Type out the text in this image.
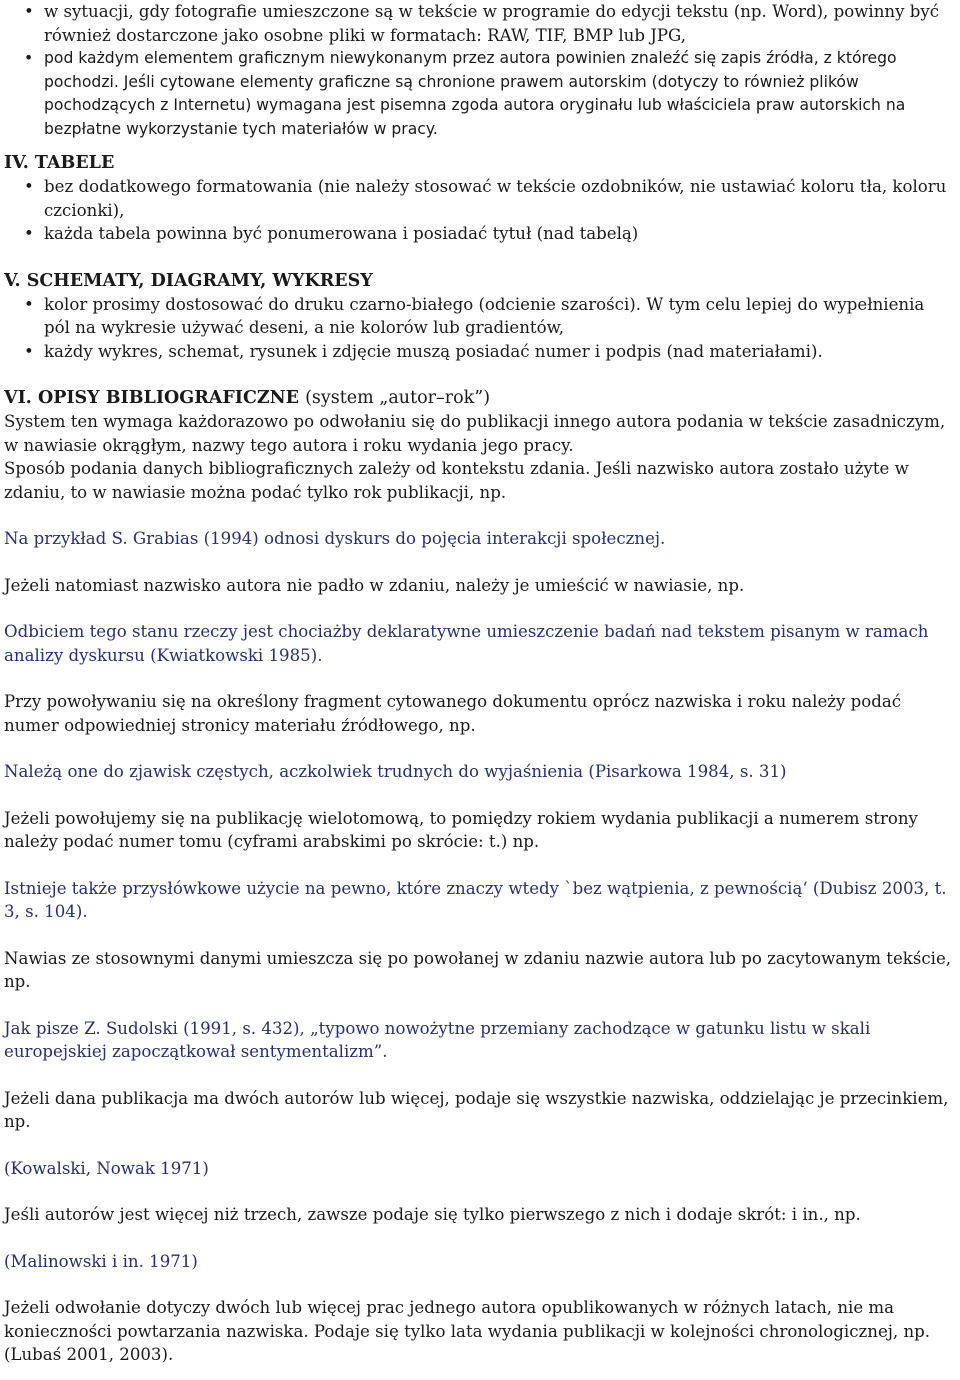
• w sytuacji, gdy fotografie umieszczone są w tekście w programie do edycji tekstu (np. Word), powinny być również dostarczone jako osobne pliki w formatach: RAW, TIF, BMP lub JPG,
• pod każdym elementem graficznym niewykonanym przez autora powinien znaleźć się zapis źródła, z którego pochodzi. Jeśli cytowane elementy graficzne są chronione prawem autorskim (dotyczy to również plików pochodzących z Internetu) wymagana jest pisemna zgoda autora oryginału lub właściciela praw autorskich na bezpłatne wykorzystanie tych materiałów w pracy.
IV. TABELE
• bez dodatkowego formatowania (nie należy stosować w tekście ozdobników, nie ustawiać koloru tła, koloru czcionki),
• każda tabela powinna być ponumerowana i posiadać tytuł (nad tabelą)
V. SCHEMATY, DIAGRAMY, WYKRESY
• kolor prosimy dostosować do druku czarno-białego (odcienie szarości). W tym celu lepiej do wypełnienia pól na wykresie używać deseni, a nie kolorów lub gradientów,
• każdy wykres, schemat, rysunek i zdjęcie muszą posiadać numer i podpis (nad materiałami).
VI. OPISY BIBLIOGRAFICZNE (system „autor–rok”)

System ten wymaga każdorazowo po odwołaniu się do publikacji innego autora podania w tekście zasadniczym, w nawiasie okrągłym, nazwy tego autora i roku wydania jego pracy.

Sposób podania danych bibliograficznych zależy od kontekstu zdania. Jeśli nazwisko autora zostało użyte w zdaniu, to w nawiasie można podać tylko rok publikacji, np.

Na przykład S. Grabias (1994) odnosi dyskurs do pojęcia interakcji społecznej.

Jeżeli natomiast nazwisko autora nie padło w zdaniu, należy je umieścić w nawiasie, np.

Odbiciem tego stanu rzeczy jest chociażby deklaratywne umieszczenie badań nad tekstem pisanym w ramach analizy dyskursu (Kwiatkowski 1985).

Przy powoływaniu się na określony fragment cytowanego dokumentu oprócz nazwiska i roku należy podać numer odpowiedniej stronicy materiału źródłowego, np.

Należą one do zjawisk częstych, aczkolwiek trudnych do wyjaśnienia (Pisarkowa 1984, s. 31)

Jeżeli powołujemy się na publikację wielotomową, to pomiędzy rokiem wydania publikacji a numerem strony należy podać numer tomu (cyframi arabskimi po skrócie: t.) np.

Istnieje także przysłówkowe użycie na pewno, które znaczy wtedy `bez wątpienia, z pewnością‘ (Dubisz 2003, t. 3, s. 104).

Nawias ze stosownymi danymi umieszcza się po powołanej w zdaniu nazwie autora lub po zacytowanym tekście, np.

Jak pisze Z. Sudolski (1991, s. 432), „typowo nowożytne przemiany zachodzące w gatunku listu w skali europejskiej zapoczątkował sentymentalizm”.

Jeżeli dana publikacja ma dwóch autorów lub więcej, podaje się wszystkie nazwiska, oddzielając je przecinkiem, np.

(Kowalski, Nowak 1971)

Jeśli autorów jest więcej niż trzech, zawsze podaje się tylko pierwszego z nich i dodaje skrót: i in., np.

(Malinowski i in. 1971)

Jeżeli odwołanie dotyczy dwóch lub więcej prac jednego autora opublikowanych w różnych latach, nie ma konieczności powtarzania nazwiska. Podaje się tylko lata wydania publikacji w kolejności chronologicznej, np. (Lubaś 2001, 2003).
